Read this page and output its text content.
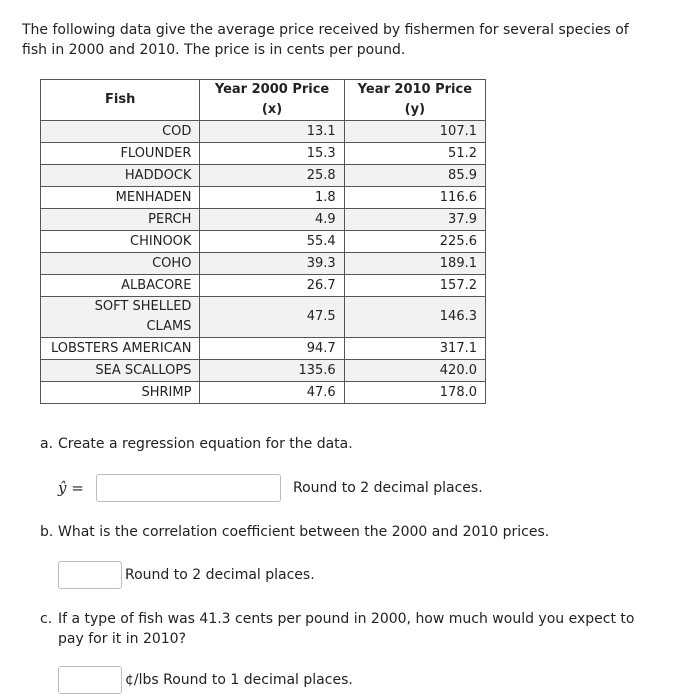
The following data give the average price received by fishermen for several species of fish in 2000 and 2010. The price is in cents per pound.
Fish	Year 2000 Price (x)	Year 2010 Price (y)
COD	13.1	107.1
FLOUNDER	15.3	51.2
HADDOCK	25.8	85.9
MENHADEN	1.8	116.6
PERCH	4.9	37.9
CHINOOK	55.4	225.6
COHO	39.3	189.1
ALBACORE	26.7	157.2
SOFT SHELLED CLAMS	47.5	146.3
LOBSTERS AMERICAN	94.7	317.1
SEA SCALLOPS	135.6	420.0
SHRIMP	47.6	178.0
a. Create a regression equation for the data.
ŷ =	Round to 2 decimal places.
b. What is the correlation coefficient between the 2000 and 2010 prices.
Round to 2 decimal places.
c. If a type of fish was 41.3 cents per pound in 2000, how much would you expect to pay for it in 2010?
¢/lbs Round to 1 decimal places.
